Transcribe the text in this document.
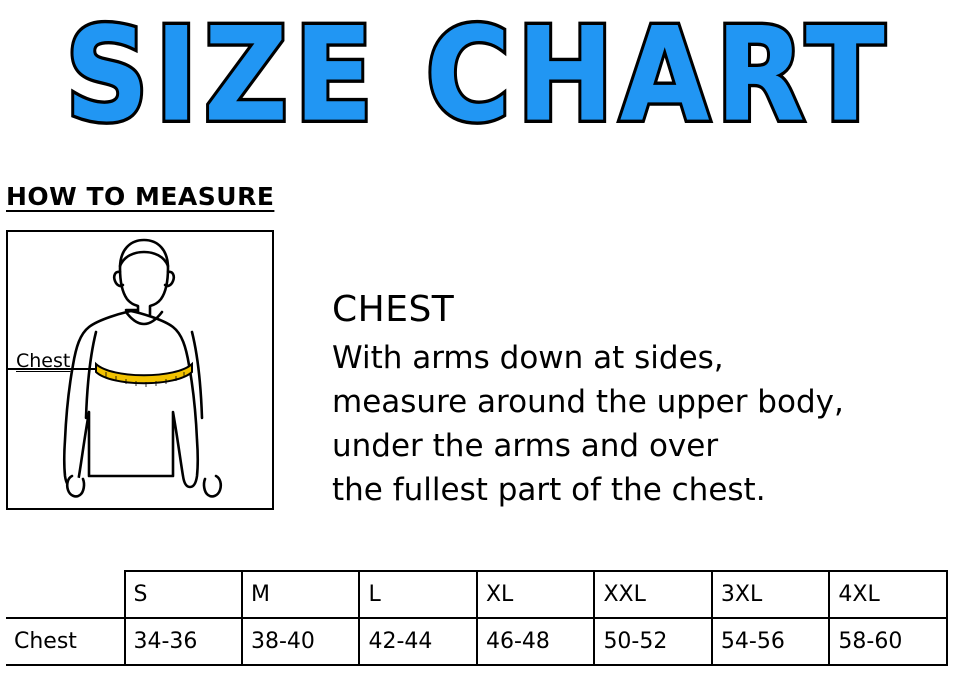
SIZE CHART
HOW TO MEASURE
Chest
CHEST
With arms down at sides,
measure around the upper body,
under the arms and over
the fullest part of the chest.
	S	M	L	XL	XXL	3XL	4XL
Chest	34-36	38-40	42-44	46-48	50-52	54-56	58-60
